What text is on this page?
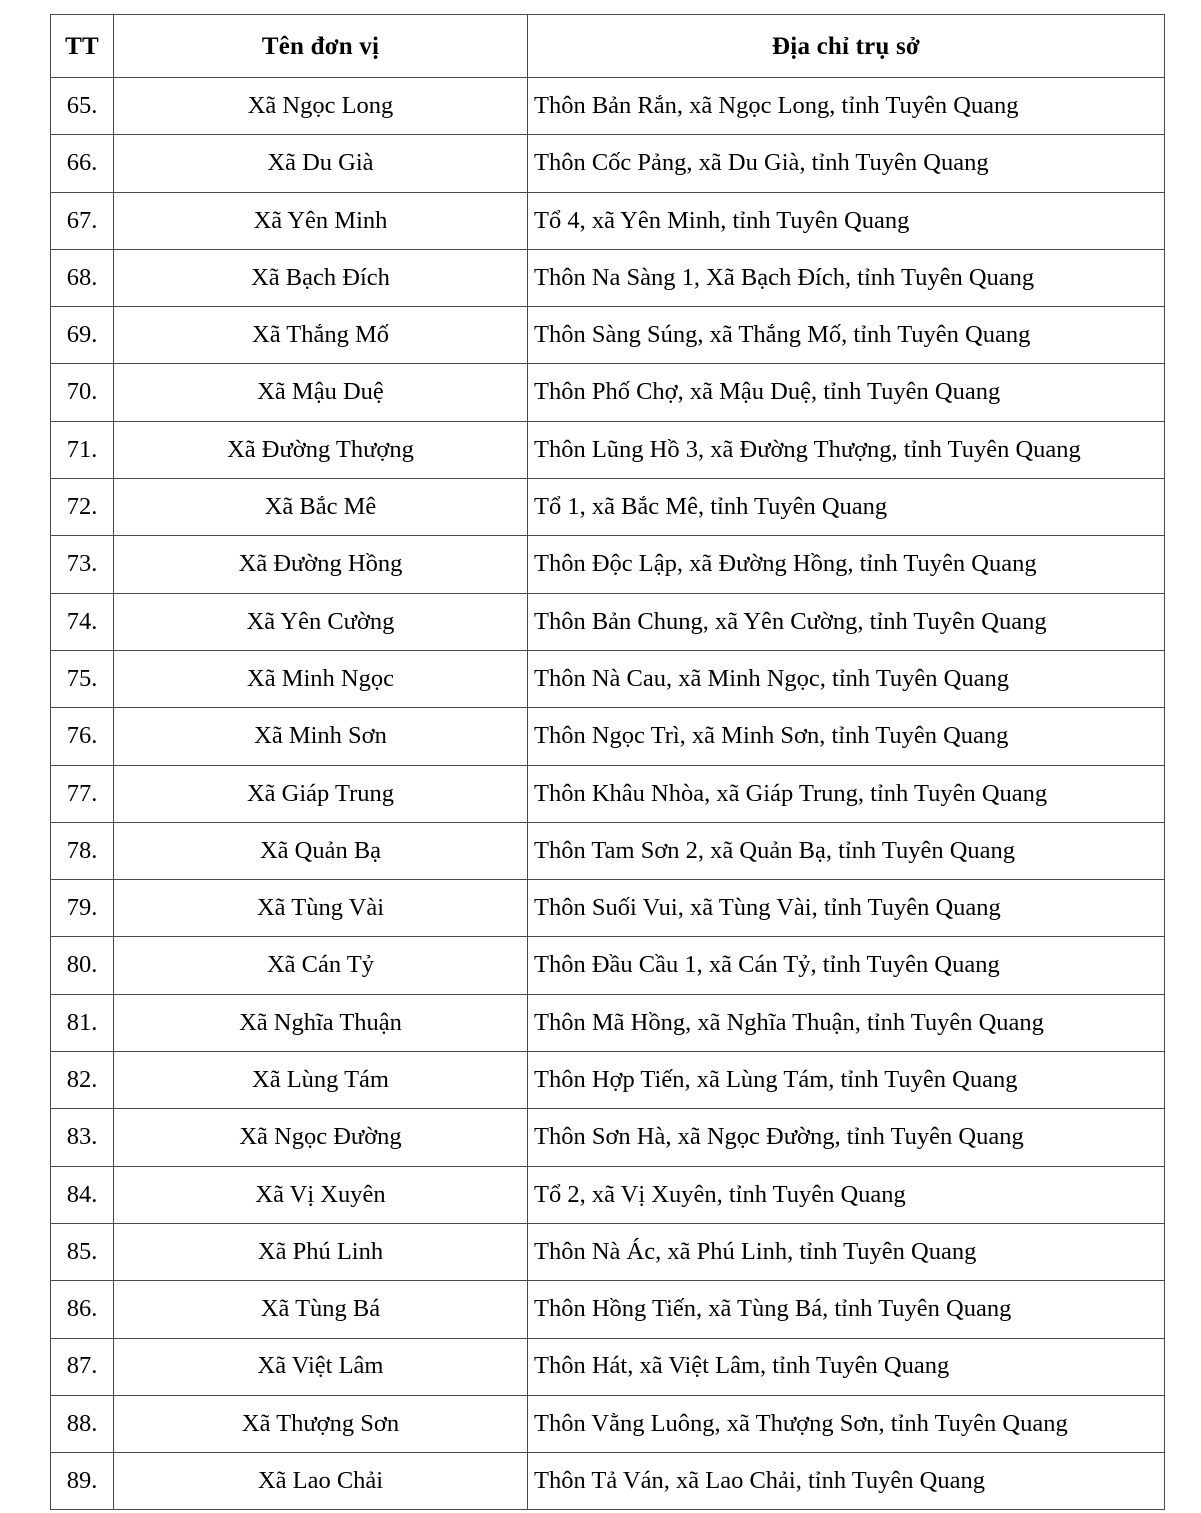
TT	Tên đơn vị	Địa chỉ trụ sở
65.	Xã Ngọc Long	Thôn Bản Rắn, xã Ngọc Long, tỉnh Tuyên Quang
66.	Xã Du Già	Thôn Cốc Pảng, xã Du Già, tỉnh Tuyên Quang
67.	Xã Yên Minh	Tổ 4, xã Yên Minh, tỉnh Tuyên Quang
68.	Xã Bạch Đích	Thôn Na Sàng 1, Xã Bạch Đích, tỉnh Tuyên Quang
69.	Xã Thắng Mố	Thôn Sàng Súng, xã Thắng Mố, tỉnh Tuyên Quang
70.	Xã Mậu Duệ	Thôn Phố Chợ, xã Mậu Duệ, tỉnh Tuyên Quang
71.	Xã Đường Thượng	Thôn Lũng Hồ 3, xã Đường Thượng, tỉnh Tuyên Quang
72.	Xã Bắc Mê	Tổ 1, xã Bắc Mê, tỉnh Tuyên Quang
73.	Xã Đường Hồng	Thôn Độc Lập, xã Đường Hồng, tỉnh Tuyên Quang
74.	Xã Yên Cường	Thôn Bản Chung, xã Yên Cường, tỉnh Tuyên Quang
75.	Xã Minh Ngọc	Thôn Nà Cau, xã Minh Ngọc, tỉnh Tuyên Quang
76.	Xã Minh Sơn	Thôn Ngọc Trì, xã Minh Sơn, tỉnh Tuyên Quang
77.	Xã Giáp Trung	Thôn Khâu Nhòa, xã Giáp Trung, tỉnh Tuyên Quang
78.	Xã Quản Bạ	Thôn Tam Sơn 2, xã Quản Bạ, tỉnh Tuyên Quang
79.	Xã Tùng Vài	Thôn Suối Vui, xã Tùng Vài, tỉnh Tuyên Quang
80.	Xã Cán Tỷ	Thôn Đầu Cầu 1, xã Cán Tỷ, tỉnh Tuyên Quang
81.	Xã Nghĩa Thuận	Thôn Mã Hồng, xã Nghĩa Thuận, tỉnh Tuyên Quang
82.	Xã Lùng Tám	Thôn Hợp Tiến, xã Lùng Tám, tỉnh Tuyên Quang
83.	Xã Ngọc Đường	Thôn Sơn Hà, xã Ngọc Đường, tỉnh Tuyên Quang
84.	Xã Vị Xuyên	Tổ 2, xã Vị Xuyên, tỉnh Tuyên Quang
85.	Xã Phú Linh	Thôn Nà Ác, xã Phú Linh, tỉnh Tuyên Quang
86.	Xã Tùng Bá	Thôn Hồng Tiến, xã Tùng Bá, tỉnh Tuyên Quang
87.	Xã Việt Lâm	Thôn Hát, xã Việt Lâm, tỉnh Tuyên Quang
88.	Xã Thượng Sơn	Thôn Vằng Luông, xã Thượng Sơn, tỉnh Tuyên Quang
89.	Xã Lao Chải	Thôn Tả Ván, xã Lao Chải, tỉnh Tuyên Quang
